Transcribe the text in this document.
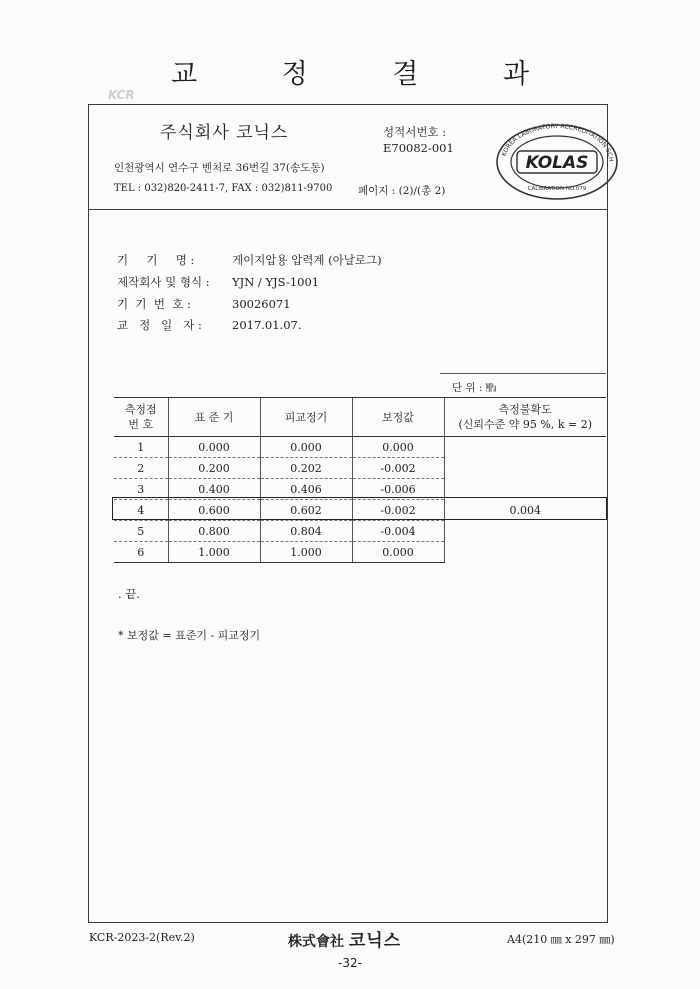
교 정 결 과
KCR
주식회사 코닉스	성적서번호 :
E70082-001
인천광역시 연수구 벤처로 36번길 37(송도동)
TEL : 032)820-2411-7, FAX : 032)811-9700 페이지 : (2)/(총 2)
KOREA LABORATORY ACCREDITATION SCH
KOLAS
CALIBRATION NO.079
기     기     명 :	게이지압용 압력계 (아날로그)
제작회사 및 형식 : YJN / YJS-1001
기  기  번  호 :	30026071
교   정   일   자 :	2017.01.07.
단 위 : ㎫
측정점
번 호	표 준 기	피교정기	보정값	측정불확도
(신뢰수준 약 95 %, k = 2)
1	0.000	0.000	0.000	
2	0.200	0.202	-0.002	
3	0.400	0.406	-0.006	
4	0.600	0.602	-0.002	0.004
5	0.800	0.804	-0.004	
6	1.000	1.000	0.000	
. 끝.
* 보정값 = 표준기 - 피교정기
KCR-2023-2(Rev.2)	株式會社 코닉스	A4(210 ㎜ x 297 ㎜)
-32-
